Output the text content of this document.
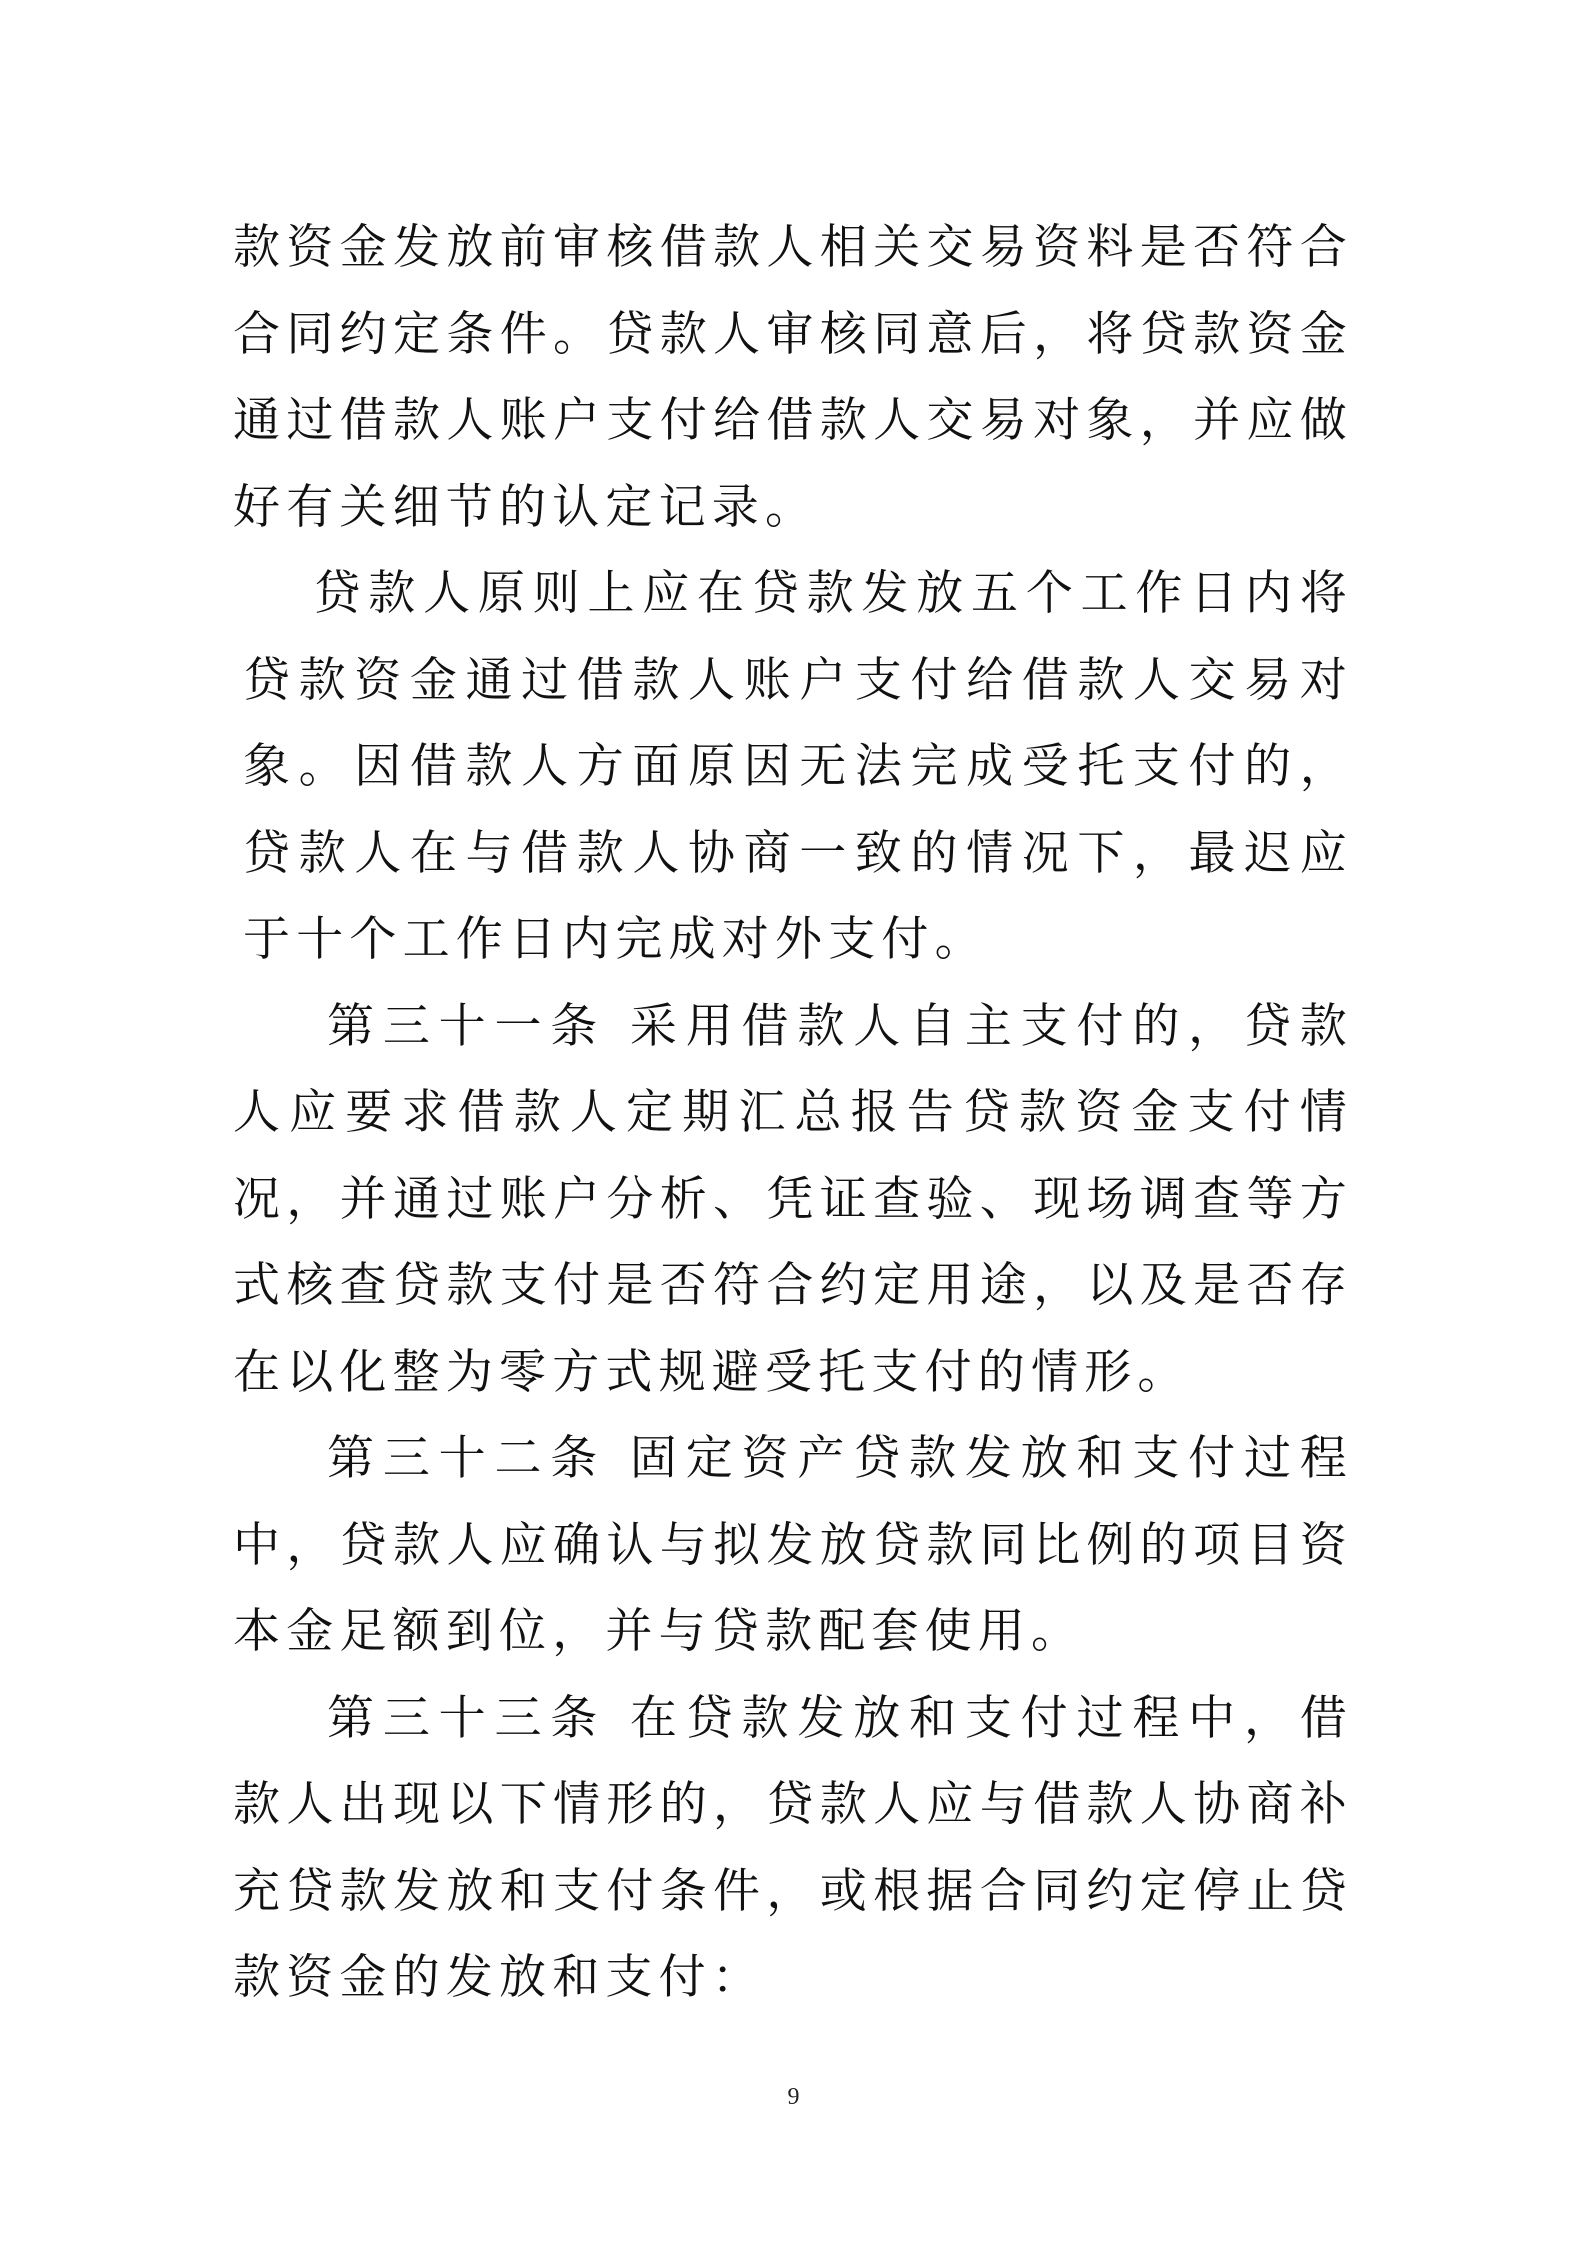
款资金发放前审核借款人相关交易资料是否符合合同约定条件。贷款人审核同意后，将贷款资金通过借款人账户支付给借款人交易对象，并应做好有关细节的认定记录。

贷款人原则上应在贷款发放五个工作日内将贷款资金通过借款人账户支付给借款人交易对象。因借款人方面原因无法完成受托支付的，贷款人在与借款人协商一致的情况下，最迟应于十个工作日内完成对外支付。

第三十一条 采用借款人自主支付的，贷款人应要求借款人定期汇总报告贷款资金支付情况，并通过账户分析、凭证查验、现场调查等方式核查贷款支付是否符合约定用途，以及是否存在以化整为零方式规避受托支付的情形。

第三十二条 固定资产贷款发放和支付过程中，贷款人应确认与拟发放贷款同比例的项目资本金足额到位，并与贷款配套使用。

第三十三条 在贷款发放和支付过程中，借款人出现以下情形的，贷款人应与借款人协商补充贷款发放和支付条件，或根据合同约定停止贷款资金的发放和支付：

9
